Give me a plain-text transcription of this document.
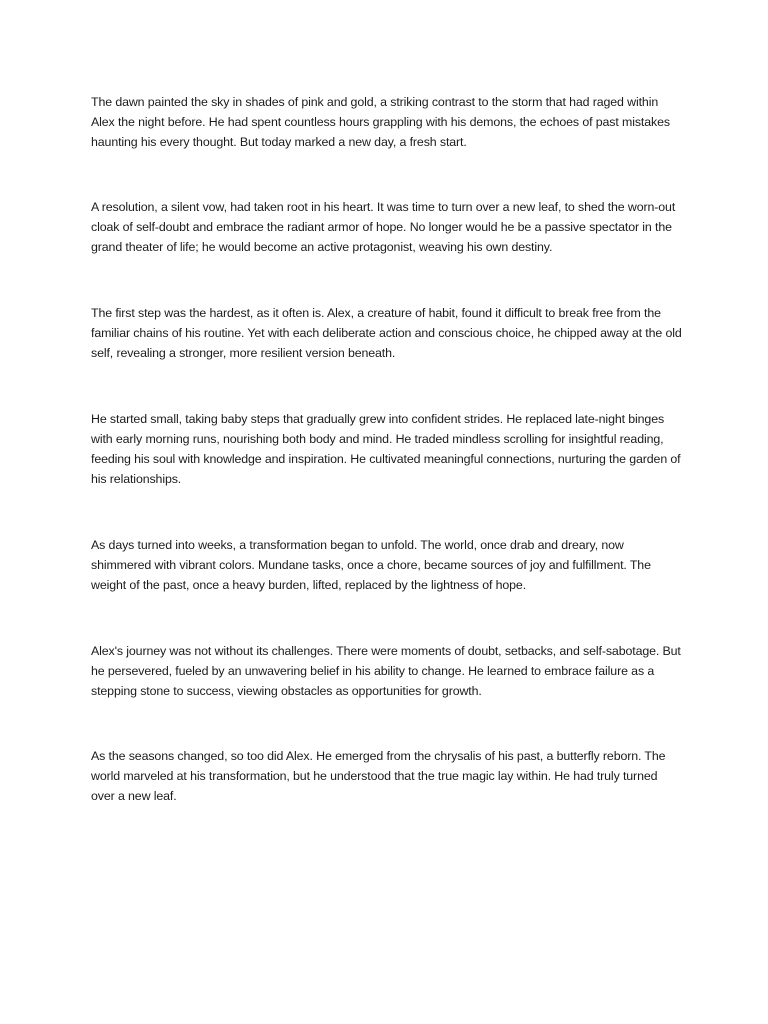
The dawn painted the sky in shades of pink and gold, a striking contrast to the storm that had raged within Alex the night before. He had spent countless hours grappling with his demons, the echoes of past mistakes haunting his every thought. But today marked a new day, a fresh start.

A resolution, a silent vow, had taken root in his heart. It was time to turn over a new leaf, to shed the worn-out cloak of self-doubt and embrace the radiant armor of hope. No longer would he be a passive spectator in the grand theater of life; he would become an active protagonist, weaving his own destiny.

The first step was the hardest, as it often is. Alex, a creature of habit, found it difficult to break free from the familiar chains of his routine. Yet with each deliberate action and conscious choice, he chipped away at the old self, revealing a stronger, more resilient version beneath.

He started small, taking baby steps that gradually grew into confident strides. He replaced late-night binges with early morning runs, nourishing both body and mind. He traded mindless scrolling for insightful reading, feeding his soul with knowledge and inspiration. He cultivated meaningful connections, nurturing the garden of his relationships.

As days turned into weeks, a transformation began to unfold. The world, once drab and dreary, now shimmered with vibrant colors. Mundane tasks, once a chore, became sources of joy and fulfillment. The weight of the past, once a heavy burden, lifted, replaced by the lightness of hope.

Alex's journey was not without its challenges. There were moments of doubt, setbacks, and self-sabotage. But he persevered, fueled by an unwavering belief in his ability to change. He learned to embrace failure as a stepping stone to success, viewing obstacles as opportunities for growth.

As the seasons changed, so too did Alex. He emerged from the chrysalis of his past, a butterfly reborn. The world marveled at his transformation, but he understood that the true magic lay within. He had truly turned over a new leaf.
